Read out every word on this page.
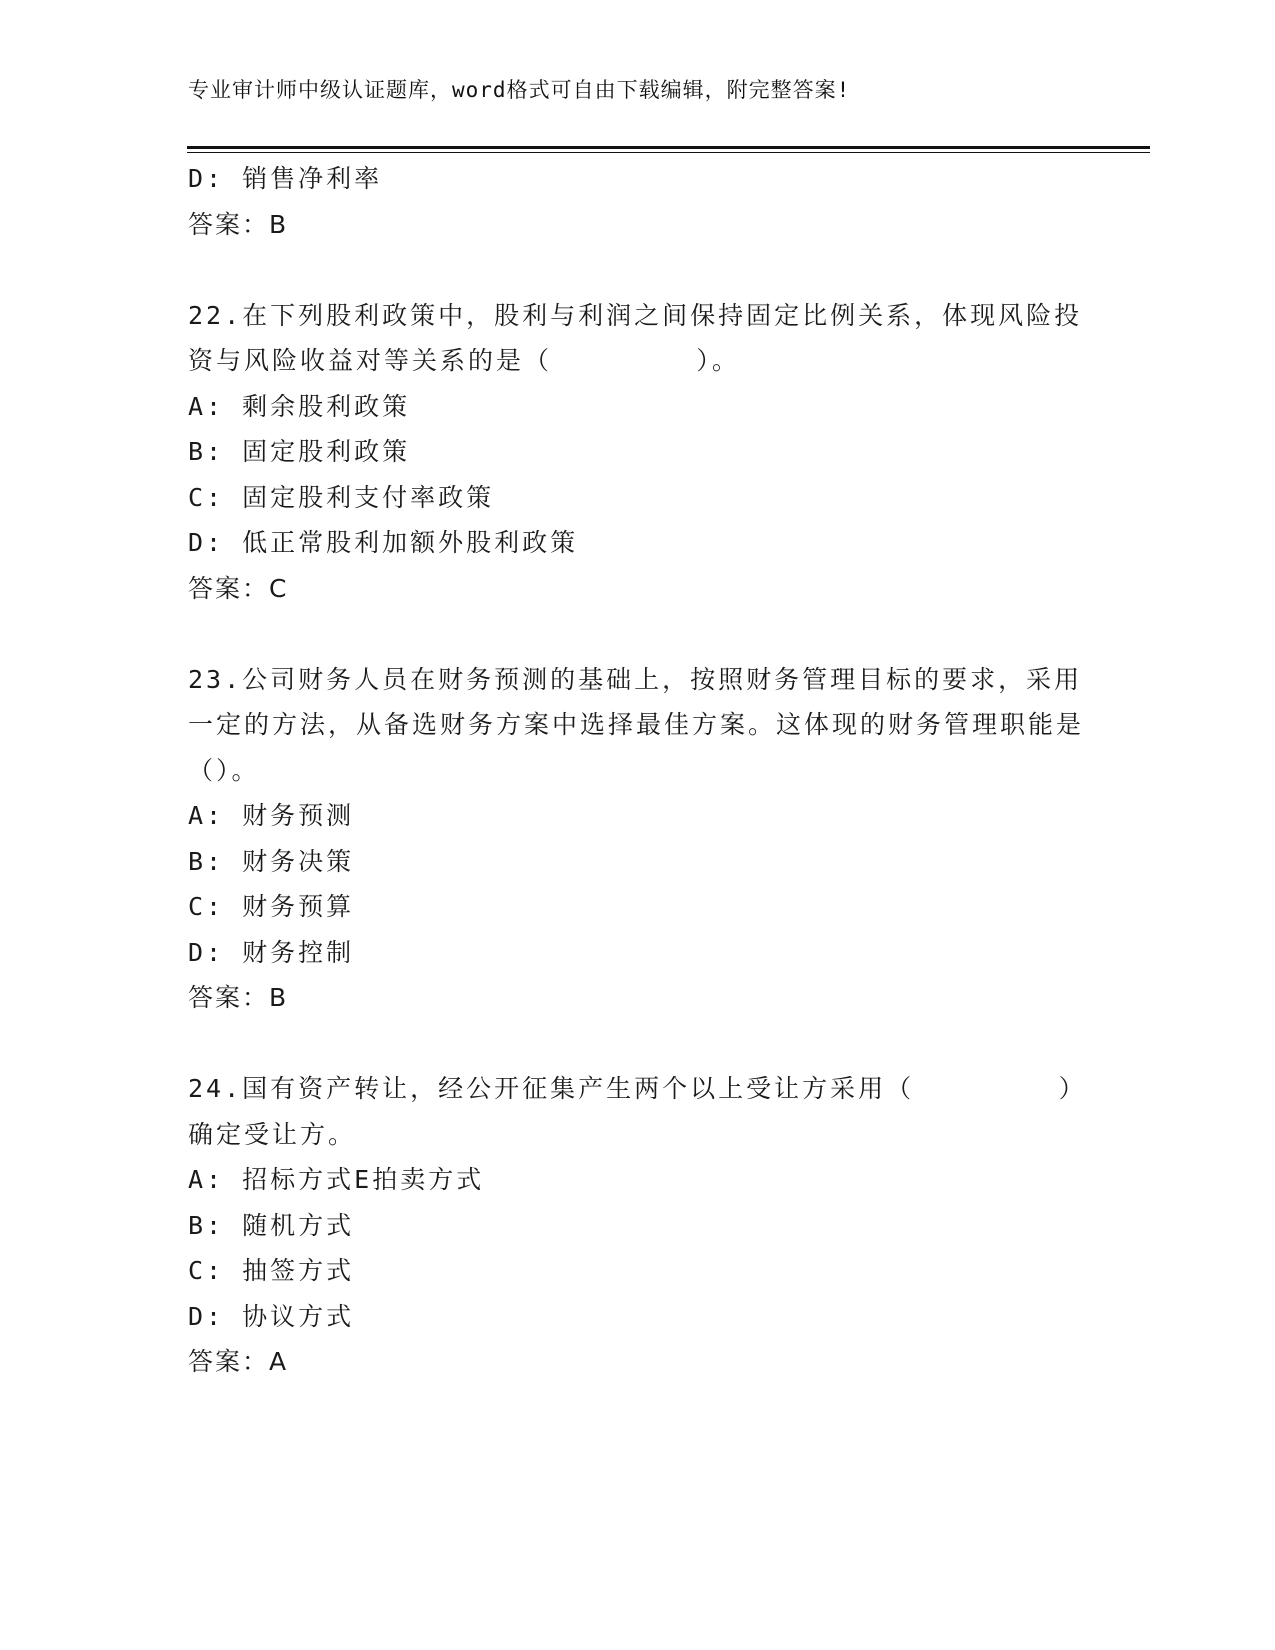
专业审计师中级认证题库，word格式可自由下载编辑，附完整答案!
D: 销售净利率
答案：B
22.在下列股利政策中，股利与利润之间保持固定比例关系，体现风险投资与风险收益对等关系的是（        ）。
A: 剩余股利政策
B: 固定股利政策
C: 固定股利支付率政策
D: 低正常股利加额外股利政策
答案：C
23.公司财务人员在财务预测的基础上，按照财务管理目标的要求，采用一定的方法，从备选财务方案中选择最佳方案。这体现的财务管理职能是（）。
A: 财务预测
B: 财务决策
C: 财务预算
D: 财务控制
答案：B
24.国有资产转让，经公开征集产生两个以上受让方采用（        ）确定受让方。
A: 招标方式E拍卖方式
B: 随机方式
C: 抽签方式
D: 协议方式
答案：A
